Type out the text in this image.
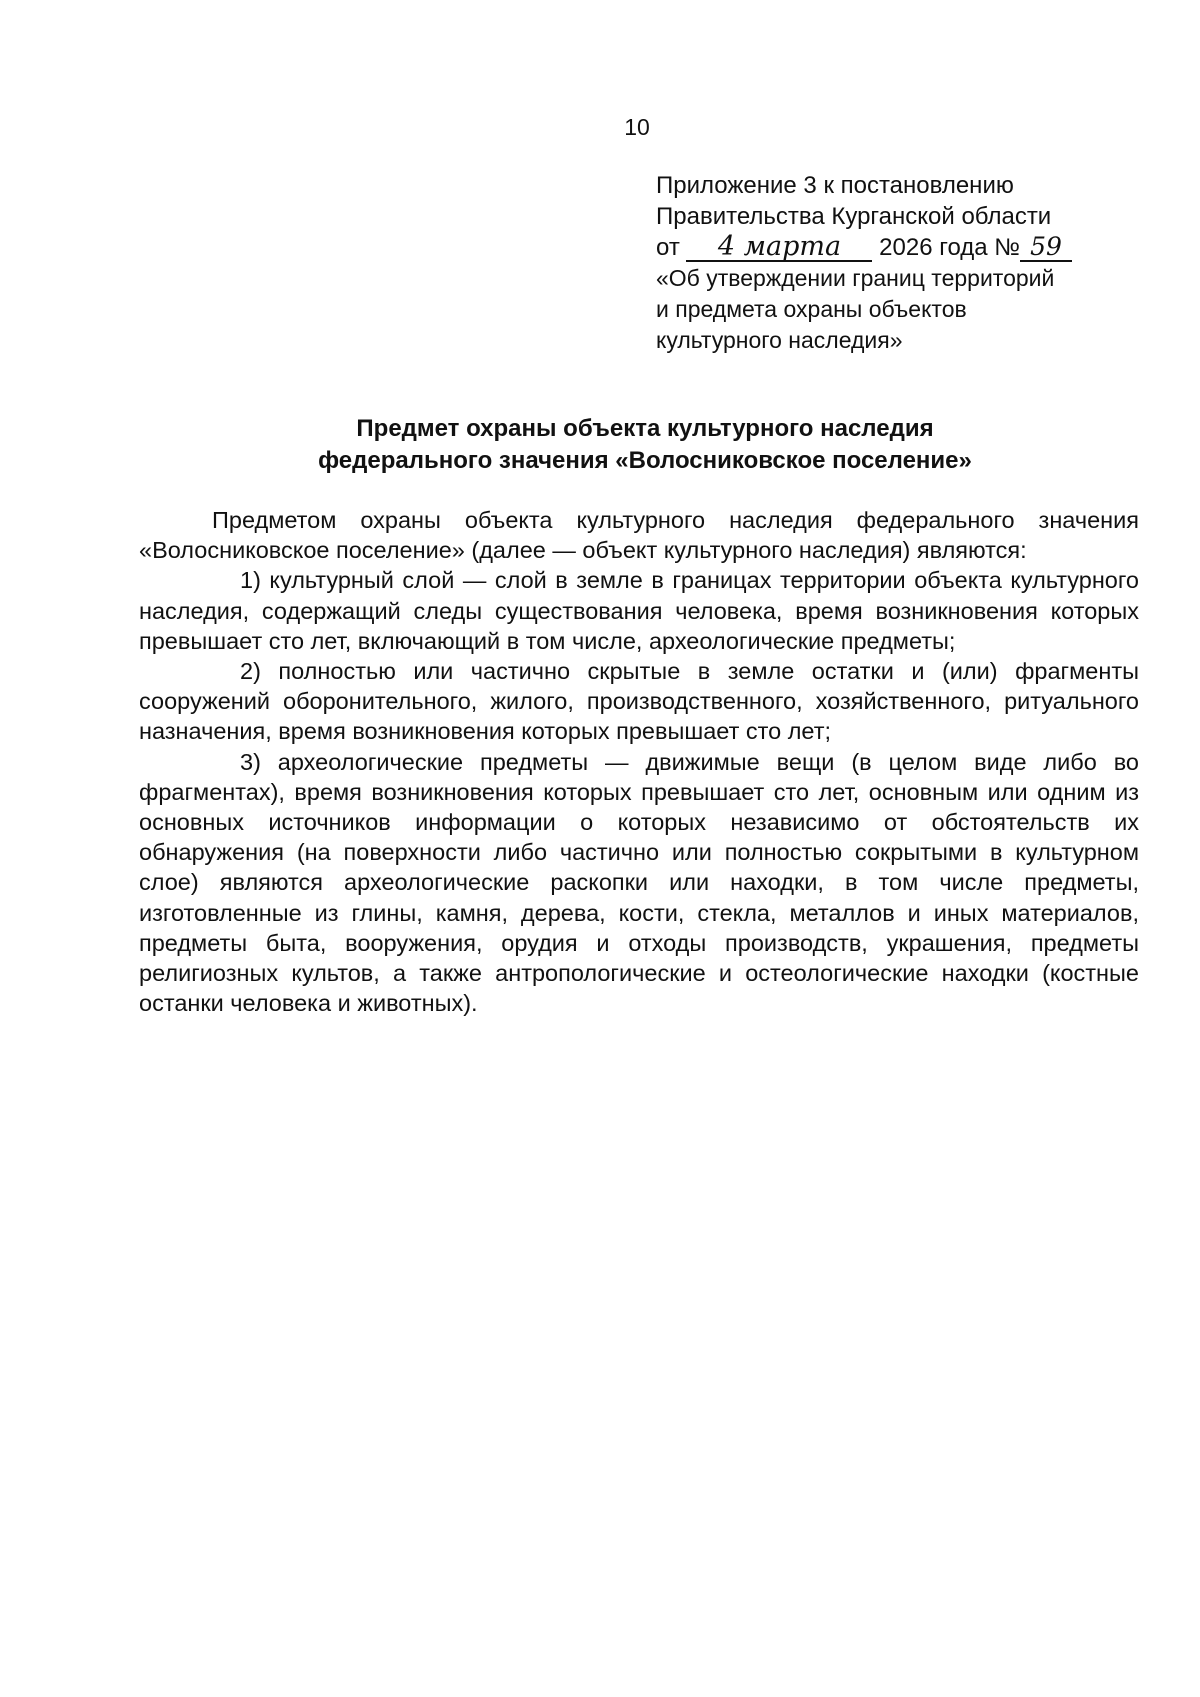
10
Приложение 3 к постановлению
Правительства Курганской области
от 4 марта 2026 года № 59
«Об утверждении границ территорий
и предмета охраны объектов
культурного наследия»
Предмет охраны объекта культурного наследия
федерального значения «Волосниковское поселение»

Предметом охраны объекта культурного наследия федерального значения «Волосниковское поселение» (далее — объект культурного наследия) являются:

1) культурный слой — слой в земле в границах территории объекта культурного наследия, содержащий следы существования человека, время возникновения которых превышает сто лет, включающий в том числе, археологические предметы;

2) полностью или частично скрытые в земле остатки и (или) фрагменты сооружений оборонительного, жилого, производственного, хозяйственного, ритуального назначения, время возникновения которых превышает сто лет;

3) археологические предметы — движимые вещи (в целом виде либо во фрагментах), время возникновения которых превышает сто лет, основным или одним из основных источников информации о которых независимо от обстоятельств их обнаружения (на поверхности либо частично или полностью сокрытыми в культурном слое) являются археологические раскопки или находки, в том числе предметы, изготовленные из глины, камня, дерева, кости, стекла, металлов и иных материалов, предметы быта, вооружения, орудия и отходы производств, украшения, предметы религиозных культов, а также антропологические и остеологические находки (костные останки человека и животных).
